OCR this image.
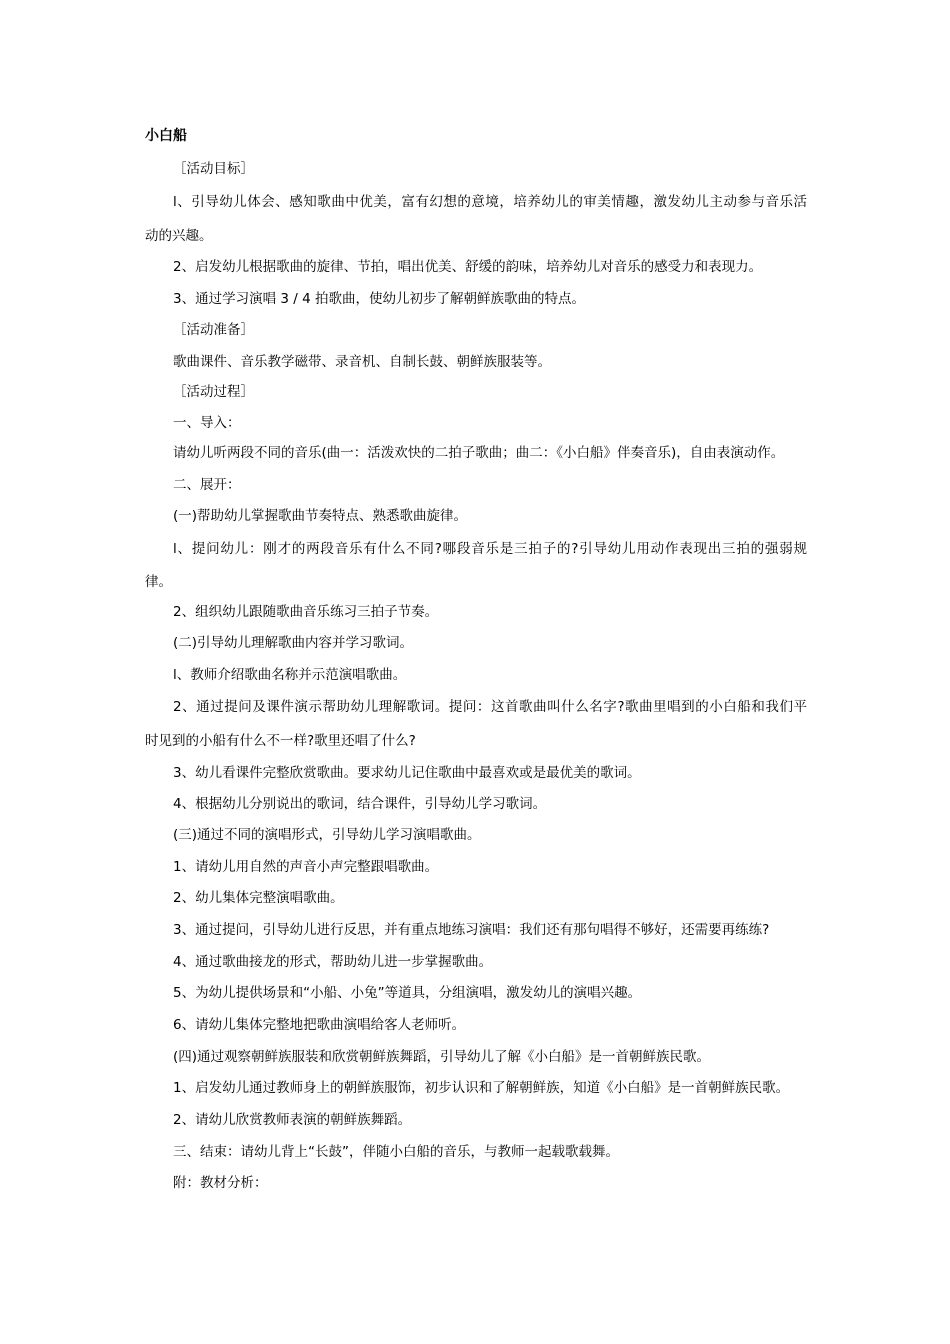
小白船
［活动目标］
l、引导幼儿体会、感知歌曲中优美，富有幻想的意境，培养幼儿的审美情趣，激发幼儿主动参与音乐活
动的兴趣。
2、启发幼儿根据歌曲的旋律、节拍，唱出优美、舒缓的韵味，培养幼儿对音乐的感受力和表现力。
3、通过学习演唱 3 / 4 拍歌曲，使幼儿初步了解朝鲜族歌曲的特点。
［活动准备］
歌曲课件、音乐教学磁带、录音机、自制长鼓、朝鲜族服装等。
［活动过程］
一、导入：
请幼儿听两段不同的音乐(曲一：活泼欢快的二拍子歌曲；曲二：《小白船》伴奏音乐)，自由表演动作。
二、展开：
(一)帮助幼儿掌握歌曲节奏特点、熟悉歌曲旋律。
l、提问幼儿：刚才的两段音乐有什么不同?哪段音乐是三拍子的?引导幼儿用动作表现出三拍的强弱规
律。
2、组织幼儿跟随歌曲音乐练习三拍子节奏。
(二)引导幼儿理解歌曲内容并学习歌词。
l、教师介绍歌曲名称并示范演唱歌曲。
2、通过提问及课件演示帮助幼儿理解歌词。提问：这首歌曲叫什么名字?歌曲里唱到的小白船和我们平
时见到的小船有什么不一样?歌里还唱了什么?
3、幼儿看课件完整欣赏歌曲。要求幼儿记住歌曲中最喜欢或是最优美的歌词。
4、根据幼儿分别说出的歌词，结合课件，引导幼儿学习歌词。
(三)通过不同的演唱形式，引导幼儿学习演唱歌曲。
1、请幼儿用自然的声音小声完整跟唱歌曲。
2、幼儿集体完整演唱歌曲。
3、通过提问，引导幼儿进行反思，并有重点地练习演唱：我们还有那句唱得不够好，还需要再练练?
4、通过歌曲接龙的形式，帮助幼儿进一步掌握歌曲。
5、为幼儿提供场景和“小船、小兔”等道具，分组演唱，激发幼儿的演唱兴趣。
6、请幼儿集体完整地把歌曲演唱给客人老师听。
(四)通过观察朝鲜族服装和欣赏朝鲜族舞蹈，引导幼儿了解《小白船》是一首朝鲜族民歌。
1、启发幼儿通过教师身上的朝鲜族服饰，初步认识和了解朝鲜族，知道《小白船》是一首朝鲜族民歌。
2、请幼儿欣赏教师表演的朝鲜族舞蹈。
三、结束：请幼儿背上“长鼓”，伴随小白船的音乐，与教师一起载歌载舞。
附：教材分析：
